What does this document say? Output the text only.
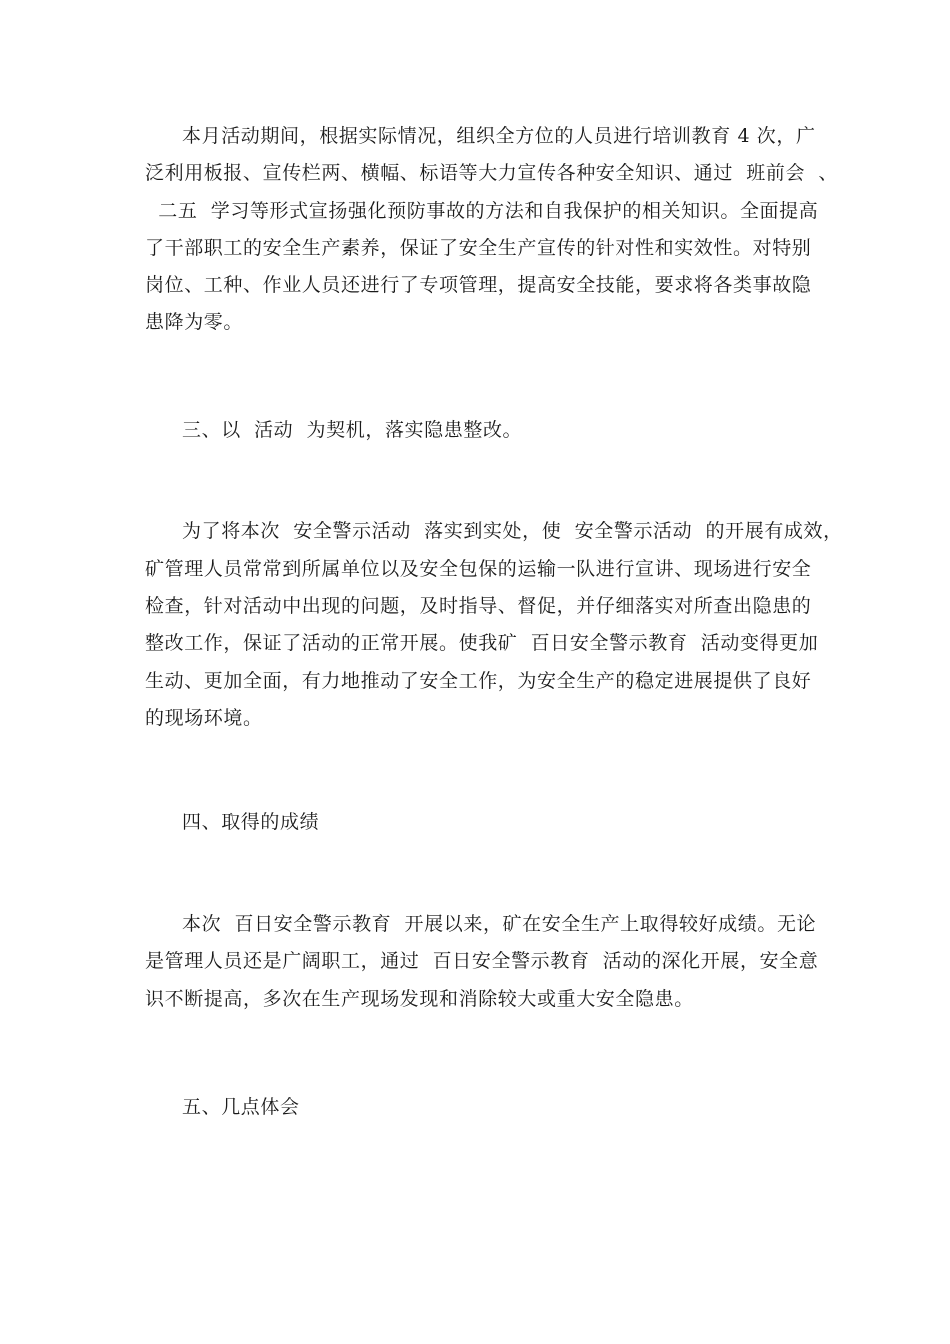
本月活动期间，根据实际情况，组织全方位的人员进行培训教育 4 次，广
泛利用板报、宣传栏两、横幅、标语等大力宣传各种安全知识、通过  班前会  、
二五  学习等形式宣扬强化预防事故的方法和自我保护的相关知识。全面提高
了干部职工的安全生产素养，保证了安全生产宣传的针对性和实效性。对特别
岗位、工种、作业人员还进行了专项管理，提高安全技能，要求将各类事故隐
患降为零。
三、以  活动  为契机，落实隐患整改。
为了将本次  安全警示活动  落实到实处，使  安全警示活动  的开展有成效，
矿管理人员常常到所属单位以及安全包保的运输一队进行宣讲、现场进行安全
检查，针对活动中出现的问题，及时指导、督促，并仔细落实对所查出隐患的
整改工作，保证了活动的正常开展。使我矿  百日安全警示教育  活动变得更加
生动、更加全面，有力地推动了安全工作，为安全生产的稳定进展提供了良好
的现场环境。
四、取得的成绩
本次  百日安全警示教育  开展以来，矿在安全生产上取得较好成绩。无论
是管理人员还是广阔职工，通过  百日安全警示教育  活动的深化开展，安全意
识不断提高，多次在生产现场发现和消除较大或重大安全隐患。
五、几点体会
